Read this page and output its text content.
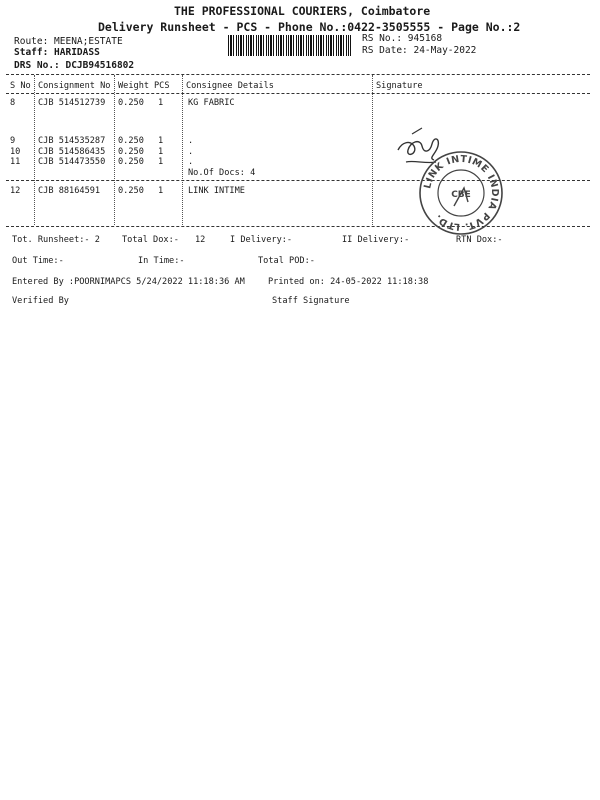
THE PROFESSIONAL COURIERS, Coimbatore
Delivery Runsheet - PCS - Phone No.:0422-3505555 - Page No.:2
Route: MEENA;ESTATE
Staff: HARIDASS
DRS No.: DCJB94516802
RS No.: 945168
RS Date: 24-May-2022
S No Consignment No Weight PCS Consignee Details	Signature
8	CJB 514512739 0.250 1	KG FABRIC
9	CJB 514535287 0.250 1	.
10 CJB 514586435 0.250 1	.
11 CJB 514473550 0.250 1	.
No.Of Docs: 4
12 CJB 88164591 0.250 1	LINK INTIME
LINK INTIME INDIA PVT. LTD.
CBE
Tot. Runsheet:- 2	Total Dox:- 12	I Delivery:-	II Delivery:-	RTN Dox:-
Out Time:-	In Time:-	Total POD:-
Entered By :POORNIMAPCS 5/24/2022 11:18:36 AM	Printed on: 24-05-2022 11:18:38
Verified By	Staff Signature
